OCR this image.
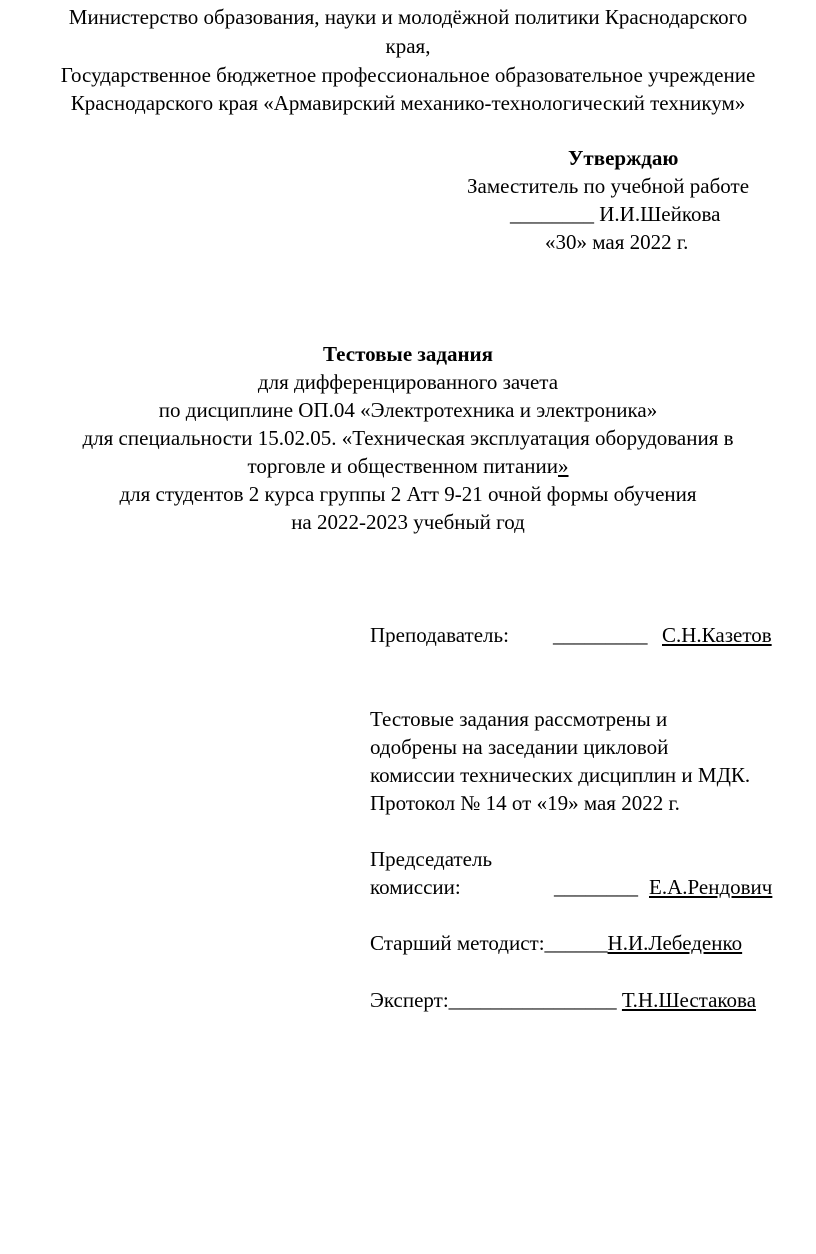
Министерство образования, науки и молодёжной политики Краснодарского
края,
Государственное бюджетное профессиональное образовательное учреждение
Краснодарского края «Армавирский механико-технологический техникум»
Утверждаю
Заместитель по учебной работе
________ И.И.Шейкова
«30» мая 2022 г.
Тестовые задания
для дифференцированного зачета
по дисциплине ОП.04 «Электротехника и электроника»
для специальности 15.02.05. «Техническая эксплуатация оборудования в
торговле и общественном питании»
для студентов 2 курса группы 2 Атт 9-21 очной формы обучения
на 2022-2023 учебный год
Преподаватель: _________ С.Н.Казетов
Тестовые задания рассмотрены и
одобрены на заседании цикловой
комиссии технических дисциплин и МДК.
Протокол № 14 от «19» мая 2022 г.
Председатель
комиссии:	________ Е.А.Рендович
Старший методист:______Н.И.Лебеденко
Эксперт:________________ Т.Н.Шестакова
